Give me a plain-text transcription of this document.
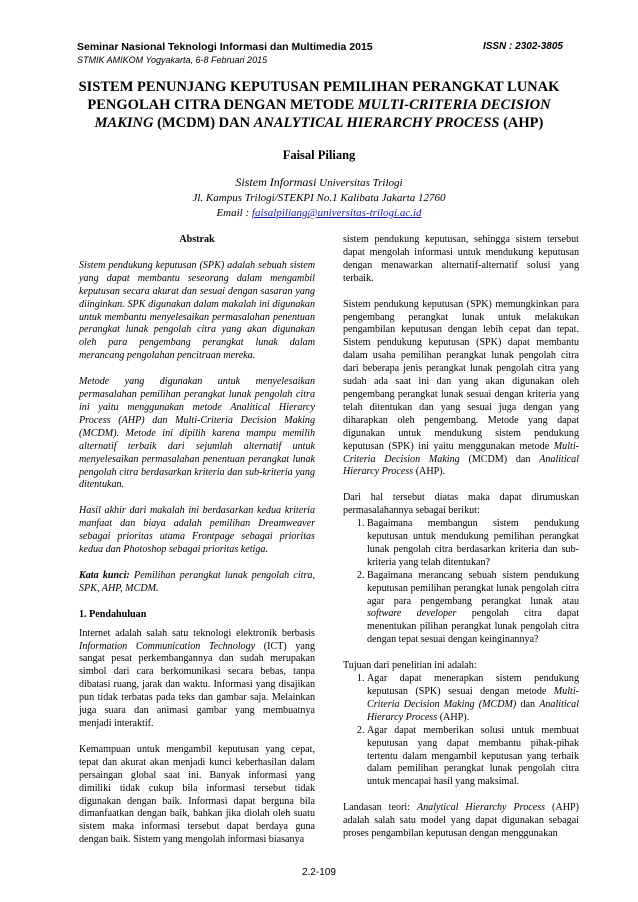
Seminar Nasional Teknologi Informasi dan Multimedia 2015
STMIK AMIKOM Yogyakarta, 6-8 Februari 2015
ISSN : 2302-3805
SISTEM PENUNJANG KEPUTUSAN PEMILIHAN PERANGKAT LUNAK
PENGOLAH CITRA DENGAN METODE MULTI-CRITERIA DECISION
MAKING (MCDM) DAN ANALYTICAL HIERARCHY PROCESS (AHP)
Faisal Piliang
Sistem Informasi Universitas Trilogi
Jl. Kampus Trilogi/STEKPI No.1 Kalibata Jakarta 12760
Email : faisalpiliang@universitas-trilogi.ac.id
Abstrak

Sistem pendukung keputusan (SPK) adalah sebuah sistem yang dapat membantu seseorang dalam mengambil keputusan secara akurat dan sesuai dengan sasaran yang diinginkan. SPK digunakan dalam makalah ini digunakan untuk membantu menyelesaikan permasalahan penentuan perangkat lunak pengolah citra yang akan digunakan oleh para pengembang perangkat lunak dalam merancang pengolahan pencitraan mereka.

Metode yang digunakan untuk menyelesaikan permasalahan pemilihan perangkat lunak pengolah citra ini yaitu menggunakan metode Analitical Hierarcy Process (AHP) dan Multi-Criteria Decision Making (MCDM). Metode ini dipilih karena mampu memilih alternatif terbaik dari sejumlah alternatif untuk menyelesaikan permasalahan penentuan perangkat lunak pengolah citra berdasarkan kriteria dan sub-kriteria yang ditentukan.

Hasil akhir dari makalah ini berdasarkan kedua kriteria manfaat dan biaya adalah pemilihan Dreamweaver sebagai prioritas utama Frontpage sebagai prioritas kedua dan Photoshop sebagai prioritas ketiga.

Kata kunci: Pemilihan perangkat lunak pengolah citra, SPK, AHP, MCDM.

1. Pendahuluan

Internet adalah salah satu teknologi elektronik berbasis Information Communication Technology (ICT) yang sangat pesat perkembangannya dan sudah merupakan simbol dari cara berkomunikasi secara bebas, tanpa dibatasi ruang, jarak dan waktu. Informasi yang disajikan pun tidak terbatas pada teks dan gambar saja. Melainkan juga suara dan animasi gambar yang membuatnya menjadi interaktif.

Kemampuan untuk mengambil keputusan yang cepat, tepat dan akurat akan menjadi kunci keberhasilan dalam persaingan global saat ini. Banyak informasi yang dimiliki tidak cukup bila informasi tersebut tidak digunakan dengan baik. Informasi dapat berguna bila dimanfaatkan dengan baik, bahkan jika diolah oleh suatu sistem maka informasi tersebut dapat berdaya guna dengan baik. Sistem yang mengolah informasi biasanya

sistem pendukung keputusan, sehingga sistem tersebut dapat mengolah informasi untuk mendukung keputusan dengan menawarkan alternatif-alternatif solusi yang terbaik.

Sistem pendukung keputusan (SPK) memungkinkan para pengembang perangkat lunak untuk melakukan pengambilan keputusan dengan lebih cepat dan tepat. Sistem pendukung keputusan (SPK) dapat membantu dalam usaha pemilihan perangkat lunak pengolah citra dari beberapa jenis perangkat lunak pengolah citra yang sudah ada saat ini dan yang akan digunakan oleh pengembang perangkat lunak sesuai dengan kriteria yang telah ditentukan dan yang sesuai juga dengan yang diharapkan oleh pengembang. Metode yang dapat digunakan untuk mendukung sistem pendukung keputusan (SPK) ini yaitu menggunakan metode Multi-Criteria Decision Making (MCDM) dan Analitical Hierarcy Process (AHP).

Dari hal tersebut diatas maka dapat dirumuskan permasalahannya sebagai berikut:

1. Bagaimana membangun sistem pendukung keputusan untuk mendukung pemilihan perangkat lunak pengolah citra berdasarkan kriteria dan sub-kriteria yang telah ditentukan?
2. Bagaimana merancang sebuah sistem pendukung keputusan pemilihan perangkat lunak pengolah citra agar para pengembang perangkat lunak atau software developer pengolah citra dapat menentukan pilihan perangkat lunak pengolah citra dengan tepat sesuai dengan keinginannya?

Tujuan dari penelitian ini adalah:

1. Agar dapat menerapkan sistem pendukung keputusan (SPK) sesuai dengan metode Multi-Criteria Decision Making (MCDM) dan Analitical Hierarcy Process (AHP).
2. Agar dapat memberikan solusi untuk membuat keputusan yang dapat membantu pihak-pihak tertentu dalam mengambil keputusan yang terbaik dalam pemilihan perangkat lunak pengolah citra untuk mencapai hasil yang maksimal.

Landasan teori: Analytical Hierarchy Process (AHP) adalah salah satu model yang dapat digunakan sebagai proses pengambilan keputusan dengan menggunakan

2.2-109
